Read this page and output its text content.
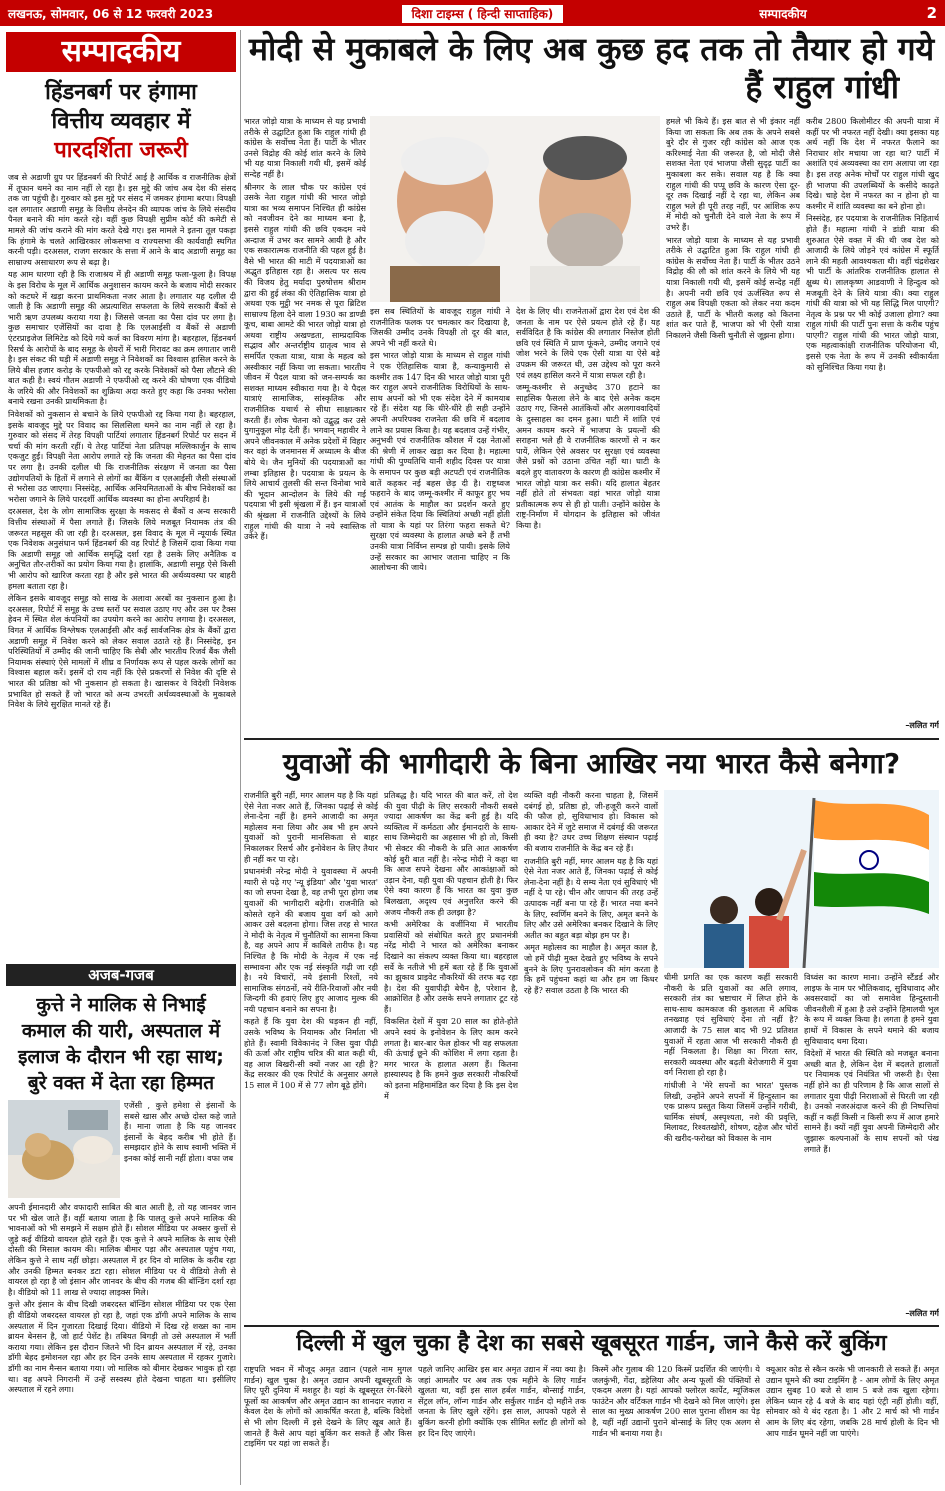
लखनऊ, सोमवार, 06 से 12 फरवरी 2023	दिशा टाइम्स ( हिन्दी साप्ताहिक)	सम्पादकीय	2
सम्पादकीय
हिंडनबर्ग पर हंगामा
वित्तीय व्यवहार में
पारदर्शिता जरूरी

जब से अडाणी ग्रुप पर हिंडनबर्ग की रिपोर्ट आई है आर्थिक व राजनीतिक क्षेत्रों में तूफान थमने का नाम नहीं ले रहा है। इस मुद्दे की जांच अब देश की संसद तक जा पहुंची है। गुरुवार को इस मुद्दे पर संसद में जमकर हंगामा बरपा। विपक्षी दल लगातार अडाणी समूह के वित्तीय लेनदेन की व्यापक जांच के लिये संसदीय पैनल बनाने की मांग करते रहे। वहीं कुछ विपक्षी सुप्रीम कोर्ट की कमेटी से मामले की जांच कराने की मांग करते देखे गए। इस मामले ने इतना तूल पकड़ा कि हंगामे के चलते आखिरकार लोकसभा व राज्यसभा की कार्यवाही स्थगित करनी पड़ी। दरअसल, राजग सरकार के सत्ता में आने के बाद अडाणी समूह का साम्राज्य असाधारण रूप से बढ़ा है।

यह आम धारणा रही है कि राजाश्रय में ही अडाणी समूह फला-फूला है। विपक्ष के इस विरोध के मूल में आर्थिक अनुशासन कायम करने के बजाय मोदी सरकार को कटघरे में खड़ा करना प्राथमिकता नजर आता है। लगातार यह दलील दी जाती है कि अडाणी समूह की अप्रत्याशित सफलता के लिये सरकारी बैंकों से भारी ऋण उपलब्ध कराया गया है। जिससे जनता का पैसा दांव पर लगा है। कुछ समाचार एजेंसियों का दावा है कि एलआईसी व बैंकों से अडाणी एंटरप्राइजेज लिमिटेड को दिये गये कर्ज का विवरण मांगा है। बहरहाल, हिंडनबर्ग रिसर्च के आरोपों के बाद समूह के शेयरों में भारी गिरावट का क्रम लगातार जारी है। इस संकट की घड़ी में अडाणी समूह ने निवेशकों का विश्वास हासिल करने के लिये बीस हजार करोड़ के एफपीओ को रद्द करके निवेशकों को पैसा लौटाने की बात कही है। स्वयं गौतम अडाणी ने एफपीओ रद्द करने की घोषणा एक वीडियो के जरिये की और निवेशकों का शुक्रिया अदा करते हुए कहा कि उनका भरोसा बनाये रखना उनकी प्राथमिकता है।

निवेशकों को नुकसान से बचाने के लिये एफपीओ रद्द किया गया है। बहरहाल, इसके बावजूद मुद्दे पर विवाद का सिलसिला थमने का नाम नहीं ले रहा है। गुरुवार को संसद में तेरह विपक्षी पार्टियां लगातार हिंडनबर्ग रिपोर्ट पर सदन में चर्चा की मांग करती रहीं। ये तेरह पार्टियां नेता प्रतिपक्ष मल्लिकार्जुन के साथ एकजुट हुईं। विपक्षी नेता आरोप लगाते रहे कि जनता की मेहनत का पैसा दांव पर लगा है। उनकी दलील थी कि राजनीतिक संरक्षण में जनता का पैसा उद्योगपतियों के हितों में लगाने से लोगों का बैंकिंग व एलआईसी जैसी संस्थाओं से भरोसा उठ जाएगा। निस्संदेह, आर्थिक अनियमितताओं के बीच निवेशकों का भरोसा जगाने के लिये पारदर्शी आर्थिक व्यवस्था का होना अपरिहार्य है।

दरअसल, देश के लोग सामाजिक सुरक्षा के मकसद से बैंकों व अन्य सरकारी वित्तीय संस्थाओं में पैसा लगाते हैं। जिसके लिये मजबूत नियामक तंत्र की जरूरत महसूस की जा रही है। दरअसल, इस विवाद के मूल में न्यूयार्क स्थित एक निवेशक अनुसंधान फर्म हिंडनबर्ग की वह रिपोर्ट है जिसमें दावा किया गया कि अडाणी समूह जो आर्थिक समृद्धि दर्शा रहा है उसके लिए अनैतिक व अनुचित तौर-तरीकों का प्रयोग किया गया है। हालांकि, अडाणी समूह ऐसे किसी भी आरोप को खारिज करता रहा है और इसे भारत की अर्थव्यवस्था पर बाहरी हमला बताता रहा है।

लेकिन इसके बावजूद समूह को साख के अलावा अरबों का नुकसान हुआ है। दरअसल, रिपोर्ट में समूह के उच्च स्तरों पर सवाल उठाए गए और उस पर टैक्स हेवन में स्थित शेल कंपनियों का उपयोग करने का आरोप लगाया है। दरअसल, विगत में आर्थिक विश्लेषक एलआईसी और कई सार्वजनिक क्षेत्र के बैंकों द्वारा अडाणी समूह में निवेश करने को लेकर सवाल उठाते रहे हैं। निस्संदेह, इन परिस्थितियों में उम्मीद की जानी चाहिए कि सेबी और भारतीय रिजर्व बैंक जैसी नियामक संस्थाएं ऐसे मामलों में शीघ्र व निर्णायक रूप से पहल करके लोगों का विश्वास बहाल करें। इसमें दो राय नहीं कि ऐसे प्रकरणों से निवेश की दृष्टि से भारत की प्रतिष्ठा को भी नुकसान हो सकता है। खासकर वे विदेशी निवेशक प्रभावित हो सकते हैं जो भारत को अन्य उभरती अर्थव्यवस्थाओं के मुकाबले निवेश के लिये सुरक्षित मानते रहे हैं।

अजब-गजब
कुत्ते ने मालिक से निभाई
कमाल की यारी, अस्पताल में
इलाज के दौरान भी रहा साथ;
बुरे वक्त में देता रहा हिम्मत

एजेंसी , कुत्ते हमेशा से इंसानों के सबसे खास और अच्छे दोस्त कहे जाते हैं। माना जाता है कि यह जानवर इंसानों के बेहद करीब भी होते हैं। समझदार होने के साथ स्वामी भक्ति में इनका कोई सानी नहीं होता। वफा जब

अपनी ईमानदारी और वफादारी साबित की बात आती है, तो यह जानवर जान पर भी खेल जाते हैं। वहीं बताया जाता है कि पालतू कुत्ते अपने मालिक की भावनाओं को भी समझने में सक्षम होते हैं। सोशल मीडिया पर अक्सर कुत्तों से जुड़े कई वीडियो वायरल होते रहते हैं। एक कुत्ते ने अपने मालिक के साथ ऐसी दोस्ती की मिसाल कायम की। मालिक बीमार पड़ा और अस्पताल पहुंच गया, लेकिन कुत्ते ने साथ नहीं छोड़ा। अस्पताल में हर दिन वो मालिक के करीब रहा और उनकी हिम्मत बनकर डटा रहा। सोशल मीडिया पर ये वीडियो तेजी से वायरल हो रहा है जो इंसान और जानवर के बीच की गजब की बॉन्डिंग दर्शा रहा है। वीडियो को 11 लाख से ज्यादा लाइक्स मिले।

कुत्ते और इंसान के बीच दिखी जबरदस्त बॉन्डिंग सोशल मीडिया पर एक ऐसा ही वीडियो जबरदस्त वायरल हो रहा है, जहां एक डॉगी अपने मालिक के साथ अस्पताल में दिन गुजारता दिखाई दिया। वीडियो में दिख रहे शख्स का नाम ब्रायन बेनसन है, जो हार्ट पेशेंट है। तबियत बिगड़ी तो उसे अस्पताल में भर्ती कराया गया। लेकिन इस दौरान जितने भी दिन ब्रायन अस्पताल में रहे, उनका डॉगी बेहद इमोशनल रहा और हर दिन उनके साथ अस्पताल में रहकर गुजारे। डॉगी का नाम मैन्सन बताया गया। जो मालिक को बीमार देखकर भावुक हो रहा था। वह अपने निगरानी में उन्हें सस्वस्थ होते देखना चाहता था। इसीलिए अस्पताल में रहने लगा।

मोदी से मुकाबले के लिए अब कुछ हद तक तो तैयार हो गये
हैं राहुल गांधी

भारत जोड़ो यात्रा के माध्यम से यह प्रभावी तरीके से उद्घाटित हुआ कि राहुल गांधी ही कांग्रेस के सर्वोच्च नेता हैं। पार्टी के भीतर उनसे विद्रोह की कोई शांत करने के लिये भी यह यात्रा निकाली गयी थी, इसमें कोई सन्देह नहीं है।

श्रीनगर के लाल चौक पर कांग्रेस एवं उसके नेता राहुल गांधी की भारत जोड़ो यात्रा का भव्य समापन निश्चित ही कांग्रेस को नवजीवन देने का माध्यम बना है, इससे राहुल गांधी की छवि एकदम नये अन्दाज में उभर कर सामने आयी है और एक सकारात्मक राजनीति की पहल हुई है। वैसे भी भारत की माटी में पदयात्राओं का अद्भुत इतिहास रहा है। असत्य पर सत्य की विजय हेतु मर्यादा पुरुषोत्तम श्रीराम द्वारा की हुई लंका की ऐतिहासिक यात्रा हो अथवा एक मुट्ठी भर नमक से पूरा ब्रिटिश साम्राज्य हिला देने वाला 1930 का डाण्डी कूच, बाबा आमटे की भारत जोड़ो यात्रा हो अथवा राष्ट्रीय अखण्डता, साम्प्रदायिक सद्भाव और अन्तर्राष्ट्रीय ग्रातृत्व भाव से समर्पित एकता यात्रा, यात्रा के महत्व को अस्वीकार नहीं किया जा सकता। भारतीय जीवन में पैदल यात्रा को जन-सम्पर्क का सशक्त माध्यम स्वीकारा गया है। ये पैदल यात्राएं सामाजिक, सांस्कृतिक और राजनीतिक यथार्थ से सीधा साक्षात्कार करती हैं। लोक चेतना को उद्बुद्ध कर उसे युगानुकूल मोड़ देती हैं। भगवान् महावीर ने अपने जीवनकाल में अनेक प्रदेशों में विहार कर वहां के जनमानस में अध्यात्म के बीज बोये थे। जैन मुनियों की पदयात्राओं का लम्बा इतिहास है। पदयात्रा के प्रयत्न के लिये आचार्य तुलसी की सन्त विनोबा भावे की भूदान आन्दोलन के लिये की गई पदयात्रा भी इसी श्रृंखला में हैं। इन यात्राओं की श्रृंखला में राजनीति उद्देश्यों के लिये राहुल गांधी की यात्रा ने नये स्वास्तिक उकेरे हैं।

इस सब स्थितियों के बावजूद राहुल गांधी ने राजनीतिक फलक पर चमत्कार कर दिखाया है, जिसकी उम्मीद उनके विपक्षी तो दूर की बात, अपने भी नहीं करते थे।

इस भारत जोड़ो यात्रा के माध्यम से राहुल गांधी ने एक ऐतिहासिक यात्रा है, कन्याकुमारी से कश्मीर तक 147 दिन की भारत जोड़ो यात्रा पूरी कर राहुल अपने राजनीतिक विरोधियों के साथ-साथ अपनों को भी एक संदेश देने में कामयाब रहे हैं। संदेश यह कि धीरे-धीरे ही सही उन्होंने अपनी अपरिपक्व राजनेता की छवि में बदलाव लाने का प्रयास किया है। यह बदलाव उन्हें गंभीर, अनुभवी एवं राजनीतिक कौशल में दक्ष नेताओं की श्रेणी में लाकर खड़ा कर दिया है। महात्मा गांधी की पुण्यतिथि यानी शहीद दिवस पर यात्रा के समापन पर कुछ बड़ी अटपटी एवं राजनीतिक बातें कहकर नई बहस छेड़ दी है। राष्ट्रध्वज फहराने के बाद जम्मू-कश्मीर में काफूर हुए भय एवं आतंक के माहौल का प्रदर्शन करते हुए उन्होंने संकेत दिया कि स्थितियां अच्छी नहीं होती तो यात्रा के यहां पर तिरंगा फहरा सकते थे? सुरक्षा एवं व्यवस्था के हालात अच्छे बने हैं तभी उनकी यात्रा निर्विघ्न सम्पन्न हो पायी। इसके लिये उन्हें सरकार का आभार जताना चाहिए न कि आलोचना की जाये।

देश के लिए थी। राजनेताओं द्वारा देश एवं देश की जनता के नाम पर ऐसे प्रयत्न होते रहे हैं। यह सर्वविदित है कि कांग्रेस की लगातार निस्तेज होती छवि एवं स्थिति में प्राण फूंकने, उम्मीद जगाने एवं जोश भरने के लिये एक ऐसी यात्रा या ऐसे बड़े उपक्रम की जरूरत थी, उस उद्देश्य को पूरा करने एवं लक्ष्य हासिल करने में यात्रा सफल रही है।

जम्मू-कश्मीर से अनुच्छेद 370 हटाने का साहसिक फैसला लेने के बाद ऐसे अनेक कदम उठाए गए, जिनसे आतंकियों और अलगाववादियों के दुस्साहस का दमन हुआ। घाटी में शांति एवं अमन कायम करने में भाजपा के प्रयत्नों की सराहना भले ही वे राजनीतिक कारणों से न कर पायें, लेकिन ऐसे अवसर पर सुरक्षा एवं व्यवस्था जैसे प्रश्नों को उठाना उचित नहीं था। घाटी के बदले हुए वातावरण के कारण ही कांग्रेस कश्मीर में भारत जोड़ो यात्रा कर सकी। यदि हालात बेहतर नहीं होते तो संभवतः वहां भारत जोड़ो यात्रा प्रतीकात्मक रूप से ही हो पाती। उन्होंने कांग्रेस के राष्ट्र-निर्माण में योगदान के इतिहास को जीवंत किया है।

हमले भी किये हैं। इस बात से भी इंकार नहीं किया जा सकता कि अब तक के अपने सबसे बुरे दौर से गुजर रही कांग्रेस को आज एक करिश्माई नेता की जरूरत है, जो मोदी जैसे सशक्त नेता एवं भाजपा जैसी सुदृढ़ पार्टी का मुकाबला कर सके। सवाल यह है कि क्या राहुल गांधी की पप्पू छवि के कारण ऐसा दूर-दूर तक दिखाई नहीं दे रहा था, लेकिन अब राहुल भले ही पूरी तरह नहीं, पर आंशिक रूप में मोदी को चुनौती देने वाले नेता के रूप में उभरे हैं।

भारत जोड़ो यात्रा के माध्यम से यह प्रभावी तरीके से उद्घाटित हुआ कि राहुल गांधी ही कांग्रेस के सर्वोच्च नेता हैं। पार्टी के भीतर उठने विद्रोह की लौ को शांत करने के लिये भी यह यात्रा निकाली गयी थी, इसमें कोई सन्देह नहीं है। अपनी नयी छवि एवं ऊर्जस्वित रूप से राहुल अब विपक्षी एकता को लेकर नया कदम उठाते हैं, पार्टी के भीतरी कलह को कितना शांत कर पाते हैं, भाजपा को भी ऐसी यात्रा निकालने जैसी किसी चुनौती से जूझना होगा।

करीब 2800 किलोमीटर की अपनी यात्रा में कहीं पर भी नफरत नहीं देखी। क्या इसका यह अर्थ नहीं कि देश में नफरत फैलाने का निराधार शोर मचाया जा रहा था? पार्टी में अशांति एवं अव्यवस्था का राग अलापा जा रहा है। इस तरह अनेक मोर्चों पर राहुल गांधी खुद ही भाजपा की उपलब्धियों के कसीदे काढ़ते दिखे। चाहे देश में नफरत का न होना हो या कश्मीर में शांति व्यवस्था का बने होना हो।

निस्संदेह, हर पदयात्रा के राजनीतिक निहितार्थ होते हैं। महात्मा गांधी ने डांडी यात्रा की शुरुआत ऐसे वक्त में की थी जब देश को आजादी के लिये जोड़ने एवं कांग्रेस में स्फूर्ति लाने की महती आवश्यकता थी। वहीं चंद्रशेखर भी पार्टी के आंतरिक राजनीतिक हालात से क्षुब्ध थे। लालकृष्ण आडवाणी ने हिन्दुत्व को मजबूती देने के लिये यात्रा की। क्या राहुल गांधी की यात्रा को भी यह सिद्धि मिल पाएगी? नेतृत्व के प्रश्न पर भी कोई उजाला होगा? क्या राहुल गांधी की पार्टी पुनः सत्ता के करीब पहुंच पाएगी? राहुल गांधी की भारत जोड़ो यात्रा, एक महत्वाकांक्षी राजनीतिक परियोजना थी, इससे एक नेता के रूप में उनकी स्वीकार्यता को सुनिश्चित किया गया है।

–ललित गर्ग
युवाओं की भागीदारी के बिना आखिर नया भारत कैसे बनेगा?

राजनीति बुरी नहीं, मगर आलम यह है कि यहां ऐसे नेता नजर आते हैं, जिनका पढ़ाई से कोई लेना-देना नहीं है। हमने आजादी का अमृत महोत्सव मना लिया और अब भी हम अपने युवाओं को पुरानी मानसिकता से बाहर निकालकर रिसर्च और इनोवेशन के लिए तैयार ही नहीं कर पा रहे।

प्रधानमंत्री नरेन्द्र मोदी ने युवावस्था में अपनी ग्यारी से पढ़े गए 'न्यू इंडिया' और 'युवा भारत' का जो सपना देखा है, वह तभी पूरा होगा जब युवाओं की भागीदारी बढ़ेगी। राजनीति को कोसते रहने की बजाय युवा वर्ग को आगे आकर उसे बदलना होगा। जिस तरह से भारत ने मोदी के नेतृत्व में चुनौतियों का सामना किया है, वह अपने आप में काबिले तारीफ है। यह निश्चित है कि मोदी के नेतृत्व में एक नई सम्भावना और एक नई संस्कृति गढ़ी जा रही है। नये विचारों, नये इंसानी रिश्तों, नये सामाजिक संगठनों, नये रीति-रिवाजों और नयी जिन्दगी की हवाएं लिए हुए आजाद मुल्क की नयी पहचान बनाने का सपना है।

कहते हैं कि युवा देश की धड़कन ही नहीं, उसके भविष्य के नियामक और निर्माता भी होते हैं। स्वामी विवेकानंद ने जिस युवा पीढ़ी की ऊर्जा और राष्ट्रीय चरित्र की बात कही थी, वह आज बिखरी-सी क्यों नजर आ रही है? केंद्र सरकार की एक रिपोर्ट के अनुसार अगले 15 साल में 100 में से 77 लोग बूढ़े होंगे।

प्रतिबद्ध है। यदि भारत की बात करें, तो देश की युवा पीढ़ी के लिए सरकारी नौकरी सबसे ज्यादा आकर्षण का केंद्र बनी हुई है। यदि व्यक्तित्व में कर्मठता और ईमानदारी के साथ-साथ जिम्मेदारी का अहसास भी हो तो, किसी भी सेक्टर की नौकरी के प्रति आत आकर्षण कोई बुरी बात नहीं है। नरेन्द्र मोदी ने कहा था कि आज सपने देखना और आकांक्षाओं को उड़ान देना, यही युवा की पहचान होती है। फिर ऐसे क्या कारण हैं कि भारत का युवा कुछ बिलखता, अदृश्य एवं अनुत्तरित करने की अजय नौकरी तक ही उलझा है?

कभी अमेरिका के वर्जीनिया में भारतीय प्रवासियों को संबोधित करते हुए प्रधानमंत्री नरेंद्र मोदी ने भारत को अमेरिका बनाकर दिखाने का संकल्प व्यक्त किया था। बहरहाल सर्वे के नतीजे भी हमें बता रहे हैं कि युवाओं का झुकाव प्राइवेट नौकरियों की तरफ बढ़ रहा है। देश की युवापीढ़ी बेचैन है, परेशान है, आक्रोशित है और उसके सपने लगातार टूट रहे हैं।

विकसित देशों में युवा 20 साल का होते-होते अपने स्वयं के इनोवेशन के लिए काम करने लगता है। बार-बार फेल होकर भी वह सफलता की ऊंचाई छूने की कोशिश में लगा रहता है। मगर भारत के हालात अलग हैं। कितना हास्यास्पद है कि हमने कुछ सरकारी नौकरियों को इतना महिमामंडित कर दिया है कि इस देश में

व्यक्ति वही नौकरी करना चाहता है, जिसमें दबंगई हो, प्रतिष्ठा हो, जी-हजूरी करने वालों की फौज हो, सुविधाभाव हो। विकास को आकार देने में जुटे समाज में दबंगई की जरूरत ही क्या है? उधर उच्च शिक्षण संस्थान पढ़ाई की बजाय राजनीति के केंद्र बन रहे हैं।

राजनीति बुरी नहीं, मगर आलम यह है कि यहां ऐसे नेता नजर आते हैं, जिनका पढ़ाई से कोई लेना-देना नहीं है। ये सम्य नेता एवं सुविधाएं भी नहीं दे पा रहे। चीन और जापान की तरह उन्हें उत्पादक नहीं बना पा रहे हैं। भारत नया बनने के लिए, स्वर्णिम बनने के लिए, अमृत बनने के लिए और उसे अमेरिका बनकर दिखाने के लिए अतीत का बहुत बड़ा बोझ हम पर है।

अमृत महोत्सव का माहौल है। अमृत काल है, जो हमें पीढ़ी मुक्त देखते हुए भविष्य के सपने बुनने के लिए पुनरावलोकन की मांग करता है कि हमें पहुंचना कहां था और हम जा किधर रहे हैं? सवाल उठता है कि भारत की

धीमी प्रगति का एक कारण कहीं सरकारी नौकरी के प्रति युवाओं का अति लगाव, सरकारी तंत्र का भ्रष्टाचार में लिप्त होने के साथ-साथ कामकाज की कुशलता में अधिक तनख्वाह एवं सुविधाएं देना तो नहीं है? आजादी के 75 साल बाद भी 92 प्रतिशत युवाओं में रहता आज भी सरकारी नौकरी ही नहीं निकलता है। शिक्षा का गिरता स्तर, सरकारी व्यवस्था और बढ़ती बेरोजगारी में युवा वर्ग निराशा हो रहा है।

गांधीजी ने 'मेरे सपनों का भारत' पुस्तक लिखी, उन्होंने अपने सपनों में हिन्दुस्तान का एक प्रारूप प्रस्तुत किया जिसमें उन्होंने गरीबी, धार्मिक संघर्ष, अस्पृश्यता, नशे की प्रवृत्ति, मिलावट, रिश्वतखोरी, शोषण, दहेज और चोरों की खरीद-फरोख्त को विकास के नाम

विध्वंस का कारण माना। उन्होंने स्टैंडर्ड और लाइफ के नाम पर भौतिकवाद, सुविधावाद और अवसरवादों का जो समावेश हिन्दुस्तानी जीवनशैली में हुआ है उसे उन्होंने हिमालयी भूल के रूप में व्यक्त किया है। लगता है हमने युवा हाथों में विकास के सपने थमाने की बजाय सुविधावाद थमा दिया।

विदेशों में भारत की स्थिति को मजबूत बनाना अच्छी बात है, लेकिन देश में बदलते हालातों पर नियामक एवं नियंत्रित भी जरूरी है। ऐसा नहीं होने का ही परिणाम है कि आज सालों से लगातार युवा पीढ़ी निराशाओं से घिरती जा रही है। उनको नजरअंदाज करने की ही निष्पत्तियां कहीं न कहीं किसी न किसी रूप में आज हमारे सामने हैं। क्यों नहीं युवा अपनी जिम्मेदारी और जुझारू कल्पनाओं के साथ सपनों को पंख लगाते हैं।

–ललित गर्ग
दिल्ली में खुल चुका है देश का सबसे खूबसूरत गार्डन, जाने कैसे करें बुकिंग
राष्ट्रपति भवन में मौजूद अमृत उद्यान (पहले नाम मुगल गार्डन) खुल चुका है। अमृत उद्यान अपनी खूबसूरती के लिए पूरी दुनिया में मशहूर है। यहां के खूबसूरत रंग-बिरंगे फूलों का आकर्षण और अमृत उद्यान का शानदार नज़ारा न केवल देश के लोगों को आकर्षित करता है, बल्कि विदेशों से भी लोग दिल्ली में इसे देखने के लिए खूब आते हैं। जानते हैं कैसे आप यहां बुकिंग कर सकते हैं और किस टाइमिंग पर यहां जा सकते हैं।
पहले जानिए आखिर इस बार अमृत उद्यान में नया क्या है। जहां आमतौर पर अब तक एक महीने के लिए गार्डन खुलता था, वहीं इस साल हर्बल गार्डन, बोन्साई गार्डन, सेंट्रल लॉन, लॉन्ग गार्डन और सर्कुलर गार्डन दो महीने तक जनता के लिए खुले रहेंगे। इस साल, आपको पहले से बुकिंग करनी होगी क्योंकि एक सीमित स्लॉट ही लोगों को हर दिन दिए जाएंगे।
किस्में और गुलाब की 120 किस्में प्रदर्शित की जाएंगी। ये जलकुंभी, गेंदा, डहेलिया और अन्य फूलों की पंक्तियों से एकदम अलग है। यहां आपको फ्लोरल कार्पेट, म्यूजिकल फाउंटेन और वर्टिकल गार्डन भी देखने को मिल जाएंगे। इस साल का मुख्य आकर्षण 200 साल पुराना शीशम का पेड़ है, यहीं नहीं उद्यानों पुराने बोन्साई के लिए एक अलग से गार्डन भी बनाया गया है।
क्यूआर कोड से स्कैन करके भी जानकारी ले सकते हैं। अमृत उद्यान घूमने की क्या टाइमिंग है - आम लोगों के लिए अमृत उद्यान सुबह 10 बजे से शाम 5 बजे तक खुला रहेगा। लेकिन ध्यान रहे 4 बजे के बाद यहां एंट्री नहीं होती। वहीं, सोमवार को ये बंद रहता है। 1 और 2 मार्च को भी गार्डन आम के लिए बंद रहेगा, जबकि 28 मार्च होली के दिन भी आप गार्डन घूमने नहीं जा पाएंगे।
